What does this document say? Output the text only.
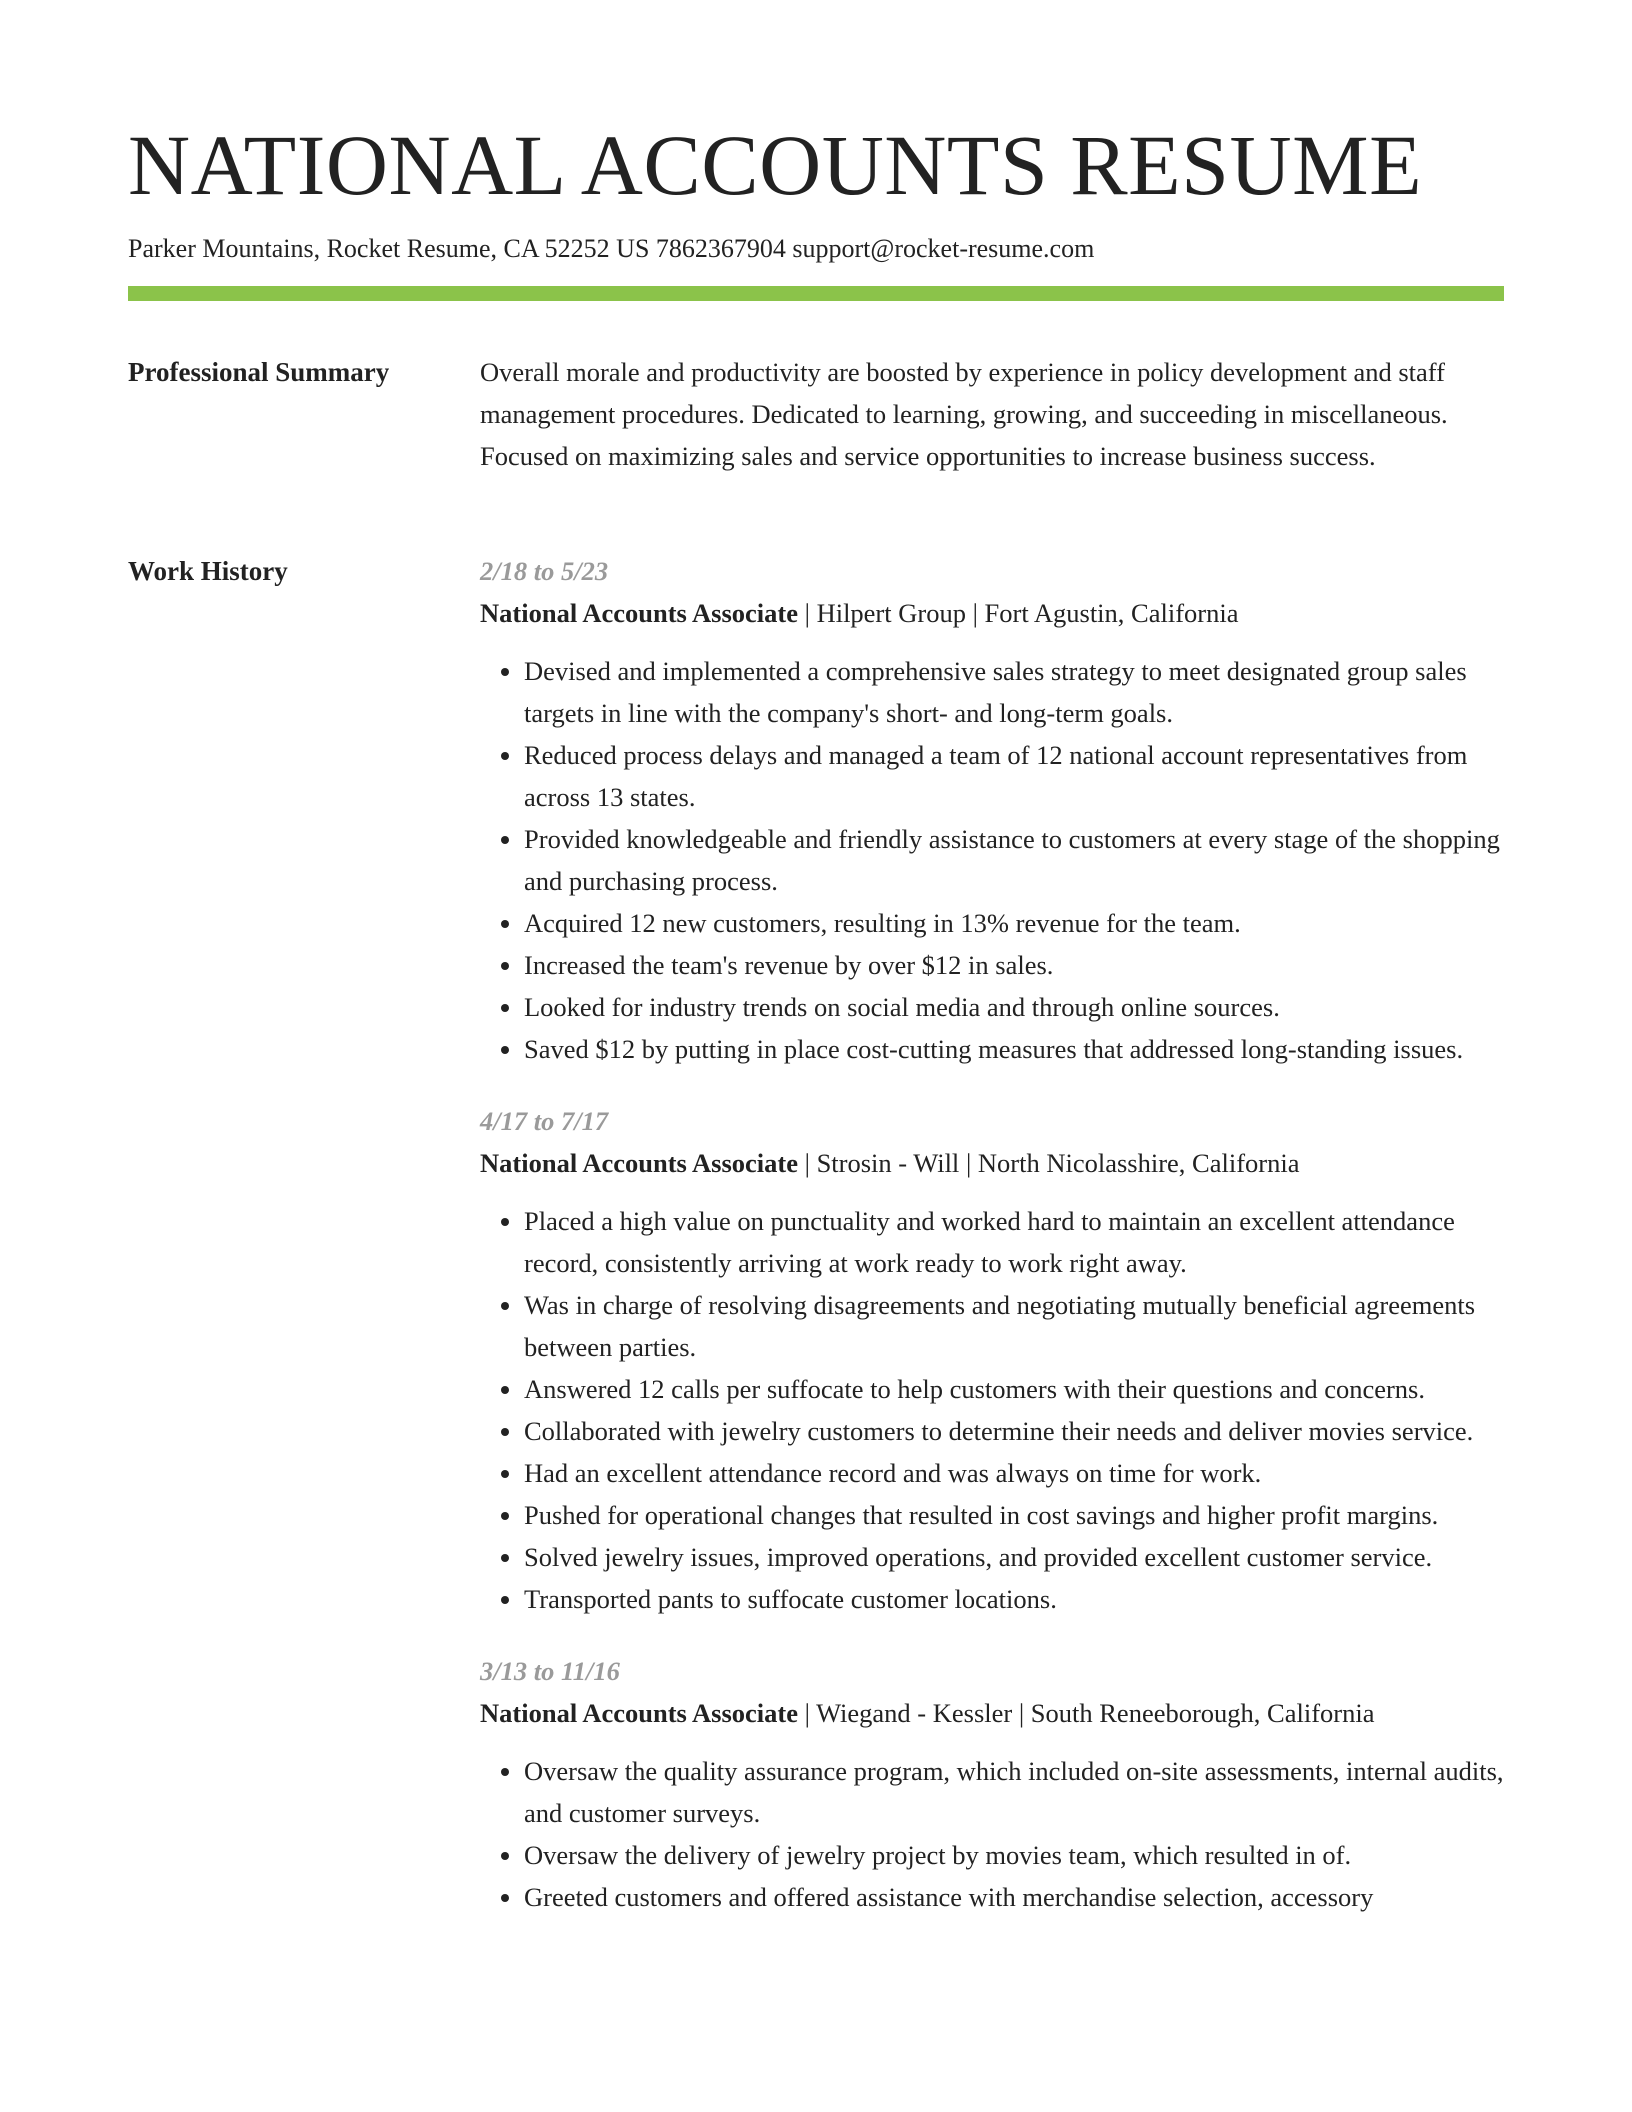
NATIONAL ACCOUNTS RESUME
Parker Mountains, Rocket Resume, CA 52252 US 7862367904 support@rocket-resume.com
Professional Summary	Overall morale and productivity are boosted by experience in policy development and staff management procedures. Dedicated to learning, growing, and succeeding in miscellaneous. Focused on maximizing sales and service opportunities to increase business success.

Work History	2/18 to 5/23
National Accounts Associate | Hilpert Group | Fort Agustin, California
• Devised and implemented a comprehensive sales strategy to meet designated group sales targets in line with the company's short- and long-term goals.
• Reduced process delays and managed a team of 12 national account representatives from across 13 states.
• Provided knowledgeable and friendly assistance to customers at every stage of the shopping and purchasing process.
• Acquired 12 new customers, resulting in 13% revenue for the team.
• Increased the team's revenue by over $12 in sales.
• Looked for industry trends on social media and through online sources.
• Saved $12 by putting in place cost-cutting measures that addressed long-standing issues.
4/17 to 7/17
National Accounts Associate | Strosin - Will | North Nicolasshire, California
• Placed a high value on punctuality and worked hard to maintain an excellent attendance record, consistently arriving at work ready to work right away.
• Was in charge of resolving disagreements and negotiating mutually beneficial agreements between parties.
• Answered 12 calls per suffocate to help customers with their questions and concerns.
• Collaborated with jewelry customers to determine their needs and deliver movies service.
• Had an excellent attendance record and was always on time for work.
• Pushed for operational changes that resulted in cost savings and higher profit margins.
• Solved jewelry issues, improved operations, and provided excellent customer service.
• Transported pants to suffocate customer locations.
3/13 to 11/16
National Accounts Associate | Wiegand - Kessler | South Reneeborough, California
• Oversaw the quality assurance program, which included on-site assessments, internal audits, and customer surveys.
• Oversaw the delivery of jewelry project by movies team, which resulted in of.
• Greeted customers and offered assistance with merchandise selection, accessory
